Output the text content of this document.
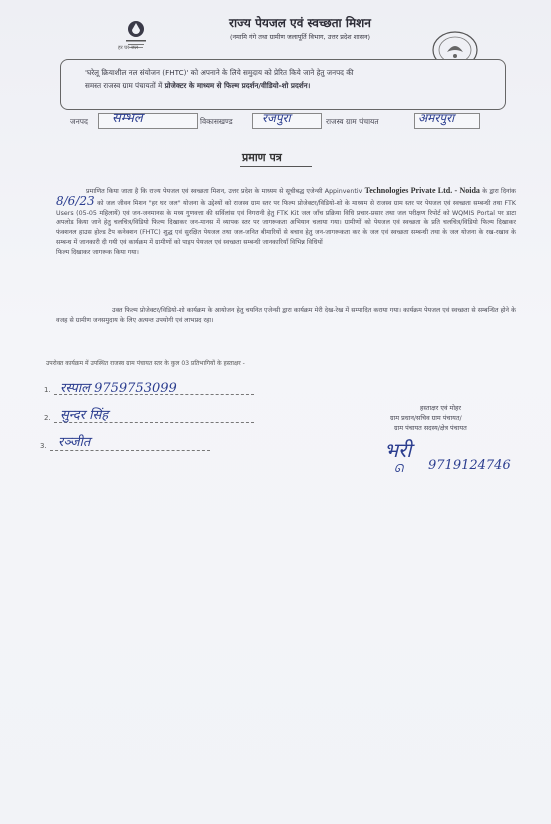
हर घर जल
राज्य पेयजल एवं स्वच्छता मिशन
(नमामि गंगे तथा ग्रामीण जलापूर्ति विभाग, उत्तर प्रदेश शासन)
'घरेलू क्रियाशील नल संयोजन (FHTC)' को अपनाने के लिये समुदाय को प्रेरित किये जाने हेतु जनपद की
समस्त राजस्व ग्राम पंचायतों में प्रोजेक्टर के माध्यम से फिल्म प्रदर्शन/वीडियो-शो प्रदर्शन।
जनपद सम्भल	विकासखण्ड रजपुरा	राजस्व ग्राम पंचायत	अमरपुरा
प्रमाण पत्र
प्रमाणित किया जाता है कि राज्य पेयजल एवं स्वच्छता मिशन, उत्तर प्रदेश के माध्यम से सूचीबद्ध एजेन्सी Appinventiv Technologies Private Ltd. - Noida के द्वारा दिनांक 8/6/23 को जल जीवन मिशन "हर घर जल" योजना के उद्देश्यों को राजस्व ग्राम स्तर पर फिल्म प्रोजेक्टर/विडियो-शो के माध्यम से राजस्व ग्राम स्तर पर पेयजल एवं स्वच्छता सम्बन्धी तथा FTK Users (05-05 महिलायें) एवं जन-जनमानस के मध्य गुणवत्ता की सर्विलांस एवं निगरानी हेतु FTK Kit जल जाँच प्रक्रिया विधि प्रचार-प्रसार तथा जल परीक्षण रिपोर्ट को WQMIS Portal पर डाटा अपलोड किया जाने हेतु चलचित्र/विडियो फिल्म दिखाकर जन-मानस में व्यापक स्तर पर जागरूकता अभियान चलाया गया। ग्रामीणों को पेयजल एवं स्वच्छता के प्रति चलचित्र/विडियो फिल्म दिखाकर फंक्शनल हाउस होल्ड टैप कनेक्शन (FHTC) शुद्ध एवं सुरक्षित पेयजल तथा जल-जनित बीमारियों से बचाव हेतु जन-जागरूकता कर के जल एवं स्वच्छता सम्बन्धी तथा के जल योजना के रख-रखाव के सम्बन्ध में जानकारी दी गयी एवं कार्यक्रम में ग्रामीणों को पाइप पेयजल एवं स्वच्छता सम्बन्धी जानकारियाँ विभिन्न विधियों
फिल्म दिखाकर जागरूक किया गया।
उक्त फिल्म प्रोजेक्टर/विडियो-शो कार्यक्रम के आयोजन हेतु चयनित एजेन्सी द्वारा कार्यक्रम मेरी देख-रेख में सम्पादित कराया गया। कार्यक्रम पेयजल एवं स्वच्छता से सम्बन्धित होने के वजह से ग्रामीण जनसमुदाय के लिए अत्यन्त उपयोगी एवं लाभप्रद रहा।
उपरोक्त कार्यक्रम में उपस्थित राजस्व ग्राम पंचायत स्तर के कुल 03 प्रतिभागियों के हस्ताक्षर -
1. रस्पाल 9759753099
2. सुन्दर सिंह
3. रञ्जीत
हस्ताक्षर एवं मोहर
ग्राम प्रधान/सचिव ग्राम पंचायत/
ग्राम पंचायत सदस्य/क्षेत्र पंचायत
भरी
9719124746
ᘏ
